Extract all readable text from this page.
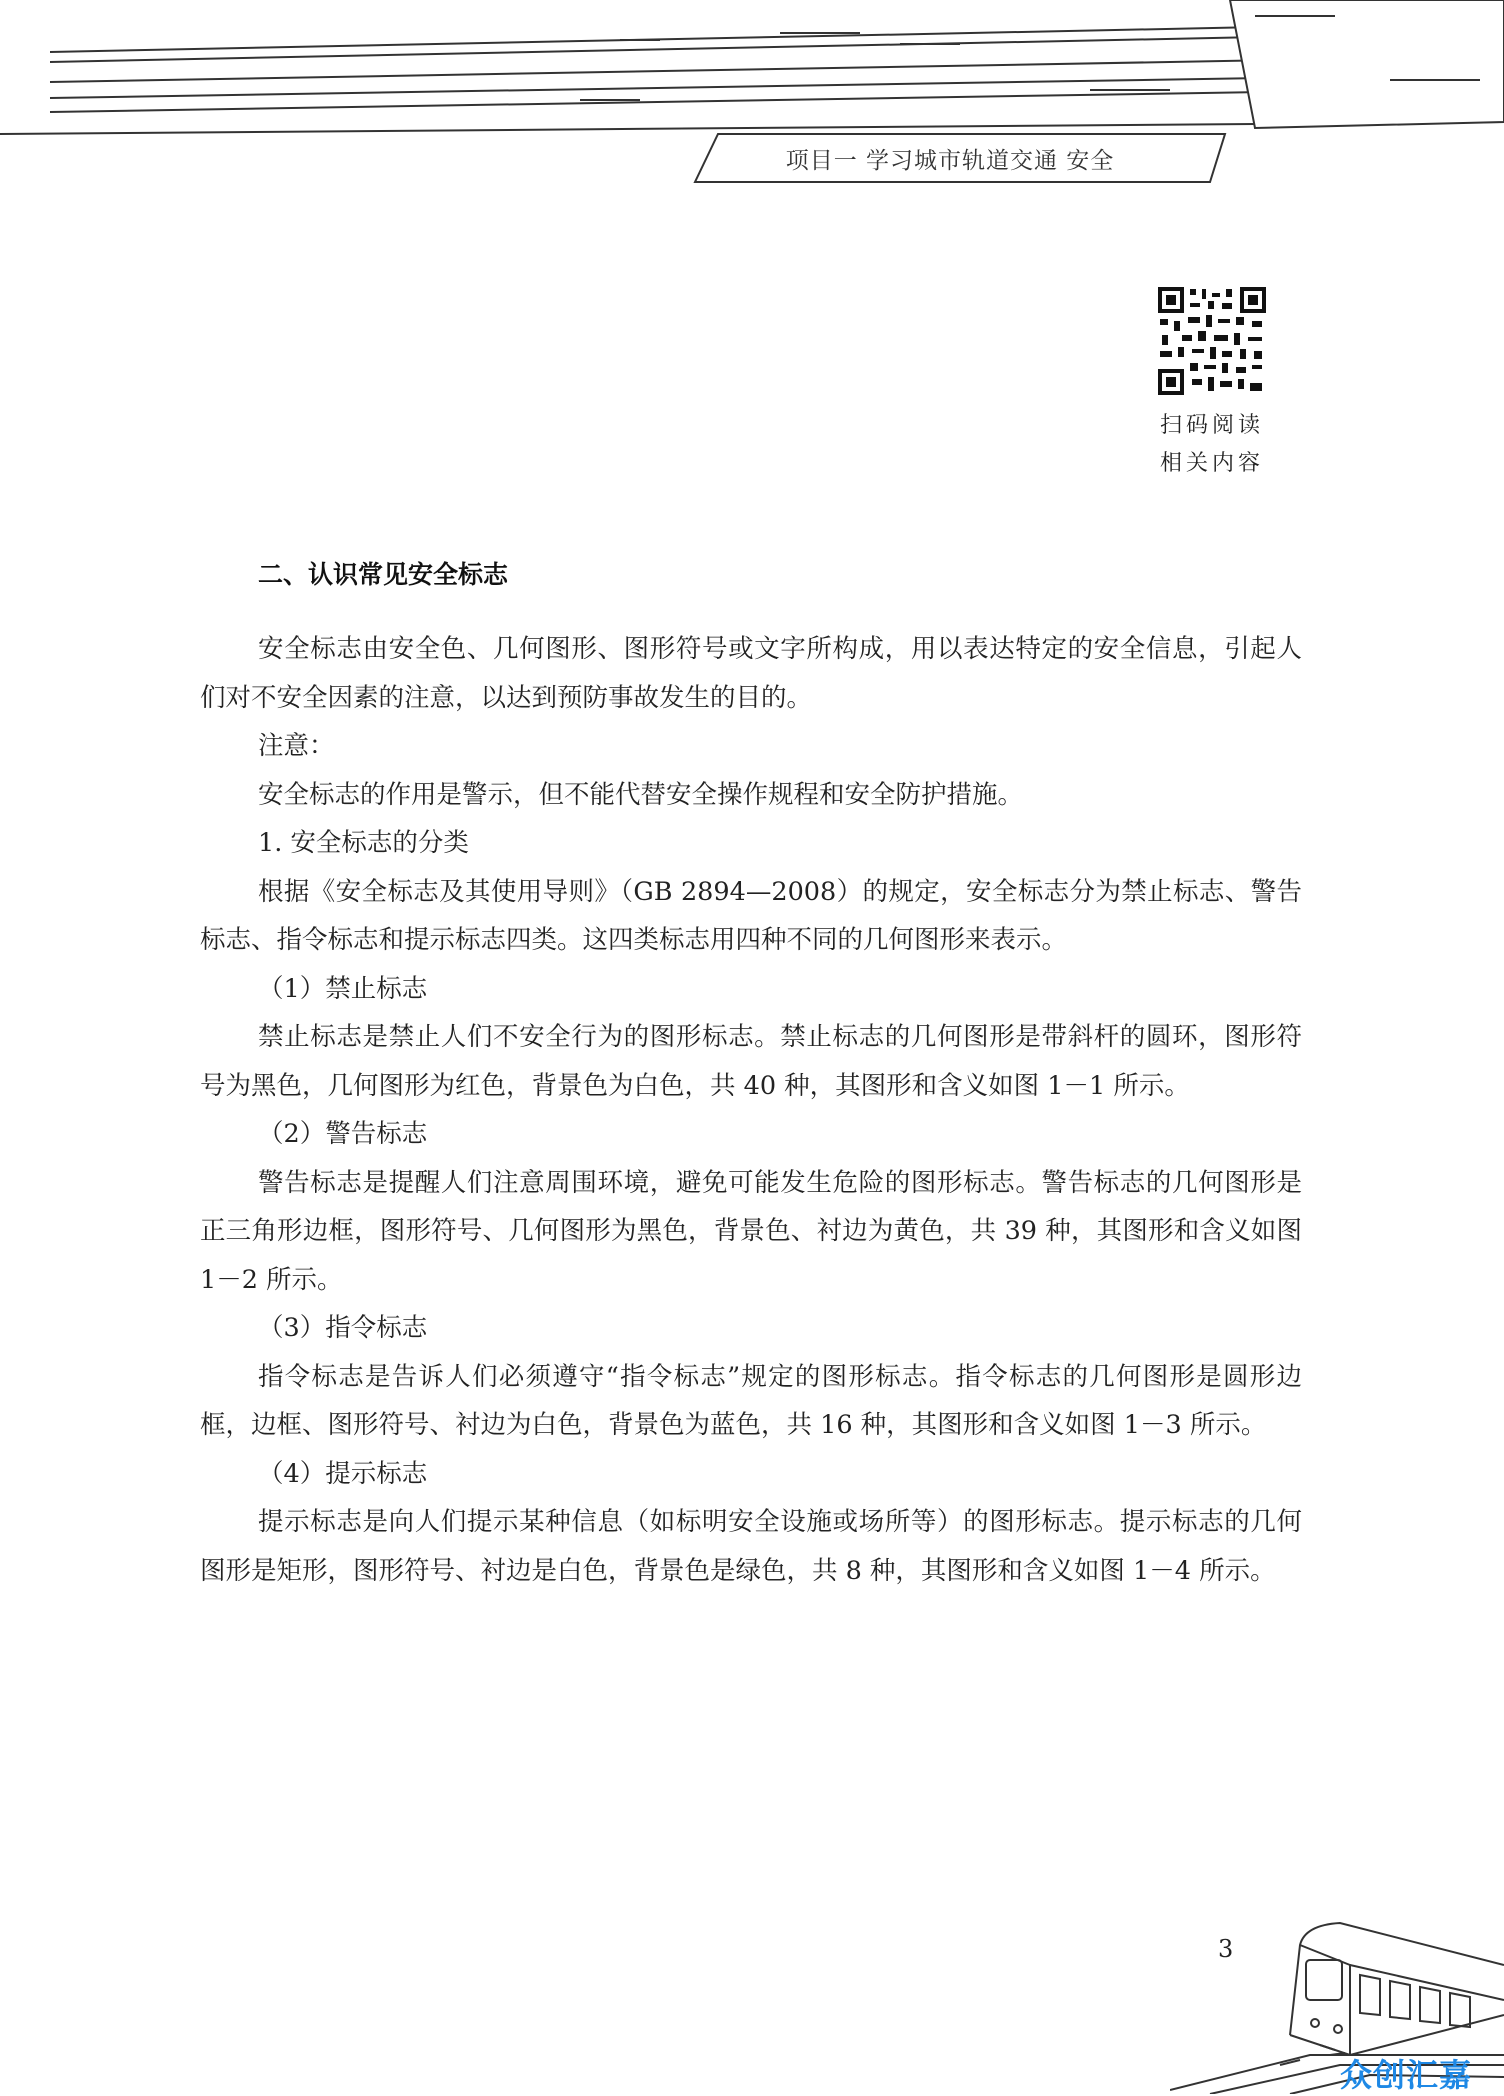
项目一 学习城市轨道交通 安全
扫码阅读
相关内容
二、认识常见安全标志

安全标志由安全色、几何图形、图形符号或文字所构成，用以表达特定的安全信息，引起人们对不安全因素的注意，以达到预防事故发生的目的。

注意：

安全标志的作用是警示，但不能代替安全操作规程和安全防护措施。

1. 安全标志的分类

根据《安全标志及其使用导则》（GB 2894—2008）的规定，安全标志分为禁止标志、警告标志、指令标志和提示标志四类。这四类标志用四种不同的几何图形来表示。

（1）禁止标志

禁止标志是禁止人们不安全行为的图形标志。禁止标志的几何图形是带斜杆的圆环，图形符号为黑色，几何图形为红色，背景色为白色，共 40 种，其图形和含义如图 1－1 所示。

（2）警告标志

警告标志是提醒人们注意周围环境，避免可能发生危险的图形标志。警告标志的几何图形是正三角形边框，图形符号、几何图形为黑色，背景色、衬边为黄色，共 39 种，其图形和含义如图 1－2 所示。

（3）指令标志

指令标志是告诉人们必须遵守“指令标志”规定的图形标志。指令标志的几何图形是圆形边框，边框、图形符号、衬边为白色，背景色为蓝色，共 16 种，其图形和含义如图 1－3 所示。

（4）提示标志

提示标志是向人们提示某种信息（如标明安全设施或场所等）的图形标志。提示标志的几何图形是矩形，图形符号、衬边是白色，背景色是绿色，共 8 种，其图形和含义如图 1－4 所示。

3
众创汇嘉
